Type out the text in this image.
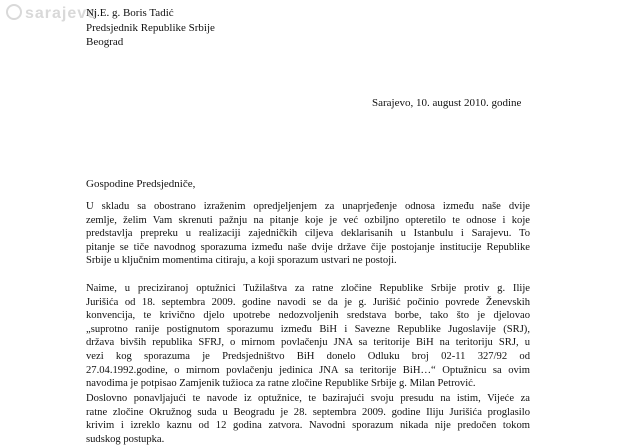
sarajevo
Nj.E. g. Boris Tadić
Predsjednik Republike Srbije
Beograd
Sarajevo, 10. august 2010. godine
Gospodine Predsjedniče,
U skladu sa obostrano izraženim opredjeljenjem za unaprjeđenje odnosa između naše dvije
zemlje, želim Vam skrenuti pažnju na pitanje koje je već ozbiljno opteretilo te odnose i koje
predstavlja prepreku u realizaciji zajedničkih ciljeva deklarisanih u Istanbulu i Sarajevu. To
pitanje se tiče navodnog sporazuma između naše dvije države čije postojanje institucije Republike
Srbije u ključnim momentima citiraju, a koji sporazum ustvari ne postoji.
Naime, u preciziranoj optužnici Tužilaštva za ratne zločine Republike Srbije protiv g. Ilije
Jurišića od 18. septembra 2009. godine navodi se da je g. Jurišić počinio povrede Ženevskih
konvencija, te krivično djelo upotrebe nedozvoljenih sredstava borbe, tako što je djelovao
„suprotno ranije postignutom sporazumu između BiH i Savezne Republike Jugoslavije (SRJ),
država bivših republika SFRJ, o mirnom povlačenju JNA sa teritorije BiH na teritoriju SRJ, u
vezi kog sporazuma je Predsjedništvo BiH donelo Odluku broj 02-11 327/92 od
27.04.1992.godine, o mirnom povlačenju jedinica JNA sa teritorije BiH…“ Optužnicu sa ovim
navodima je potpisao Zamjenik tužioca za ratne zločine Republike Srbije g. Milan Petrović.
Doslovno ponavljajući te navode iz optužnice, te bazirajući svoju presudu na istim, Vijeće za
ratne zločine Okružnog suda u Beogradu je 28. septembra 2009. godine Iliju Jurišića proglasilo
krivim i izreklo kaznu od 12 godina zatvora. Navodni sporazum nikada nije predočen tokom
sudskog postupka.
